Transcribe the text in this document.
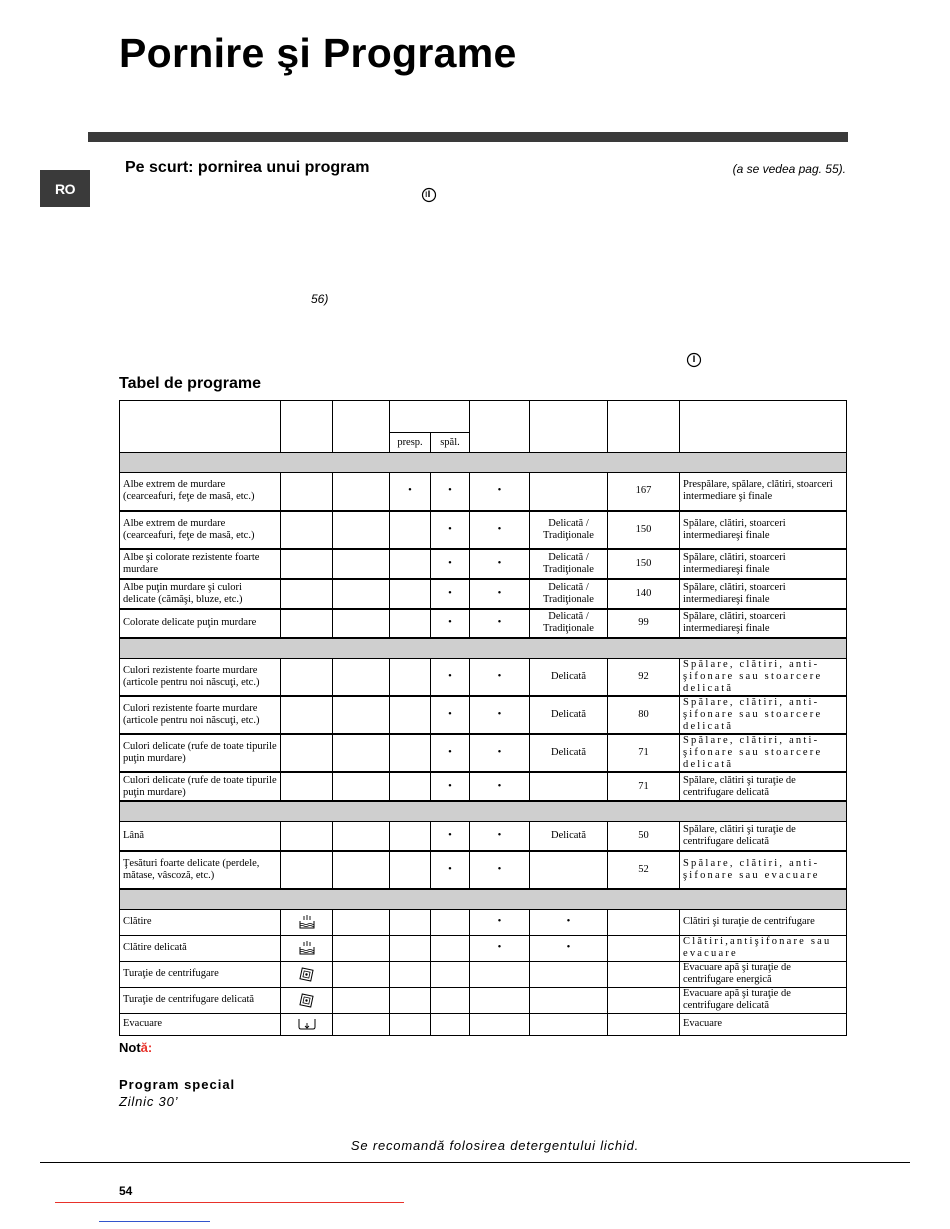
Pornire şi Programe
RO
Pe scurt: pornirea unui program	(a se vedea pag. 55).
56)
Tabel de programe

			presp.	spăl.				

Albe extrem de murdare (cearceafuri, feţe de masă, etc.)			•	•	•		167	Prespălare, spălare, clătiri, stoarceri intermediare şi finale
Albe extrem de murdare (cearceafuri, feţe de masă, etc.)				•	•	Delicată / Tradiţionale	150	Spălare, clătiri, stoarceri intermediareşi finale
Albe şi colorate rezistente foarte murdare				•	•	Delicată / Tradiţionale	150	Spălare, clătiri, stoarceri intermediareşi finale
Albe puţin murdare şi culori delicate (cămăşi, bluze, etc.)				•	•	Delicată / Tradiţionale	140	Spălare, clătiri, stoarceri intermediareşi finale
Colorate delicate puţin murdare				•	•	Delicată / Tradiţionale	99	Spălare, clătiri, stoarceri intermediareşi finale

Culori rezistente foarte murdare (articole pentru noi născuţi, etc.)				•	•	Delicată	92	Spălare, clătiri, anti-şifonare sau stoarcere delicată
Culori rezistente foarte murdare (articole pentru noi născuţi, etc.)				•	•	Delicată	80	Spălare, clătiri, anti-şifonare sau stoarcere delicată
Culori delicate (rufe de toate tipurile puţin murdare)				•	•	Delicată	71	Spălare, clătiri, anti-şifonare sau stoarcere delicată
Culori delicate (rufe de toate tipurile puţin murdare)				•	•		71	Spălare, clătiri şi turaţie de centrifugare delicată

Lână				•	•	Delicată	50	Spălare, clătiri şi turaţie de centrifugare delicată
Ţesături foarte delicate (perdele, mătase, vâscoză, etc.)				•	•		52	Spălare, clătiri, anti-şifonare sau evacuare

Clătire					•	•		Clătiri şi turaţie de centrifugare
Clătire delicată					•	•		Clătiri,antişifonare sau evacuare
Turaţie de centrifugare								Evacuare apă şi turaţie de centrifugare energică
Turaţie de centrifugare delicată								Evacuare apă şi turaţie de centrifugare delicată
Evacuare								Evacuare
Notă:
Program special
Zilnic 30’
Se recomandă folosirea detergentului lichid.
54
